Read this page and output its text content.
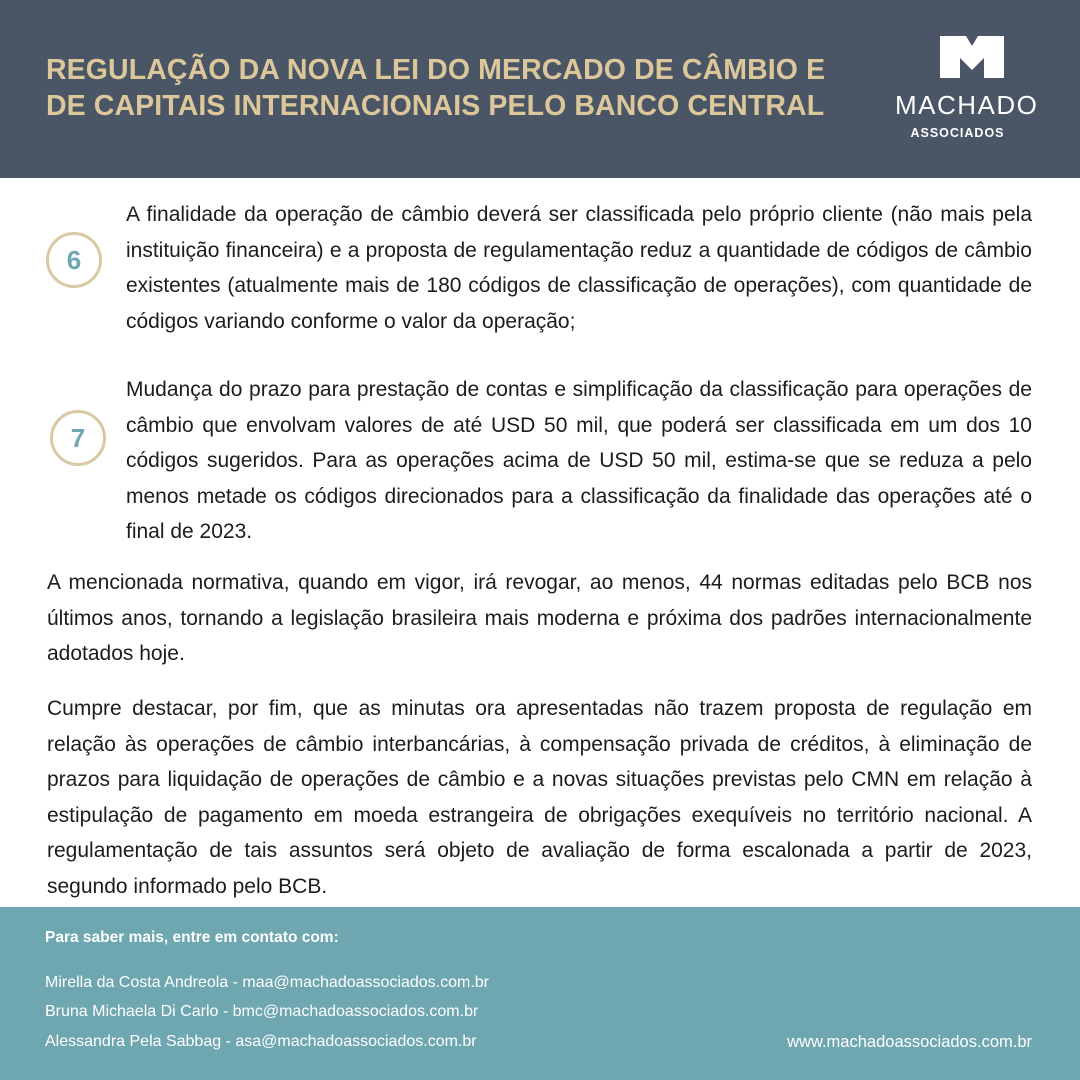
REGULAÇÃO DA NOVA LEI DO MERCADO DE CÂMBIO E
DE CAPITAIS INTERNACIONAIS PELO BANCO CENTRAL	MACHADO
ASSOCIADOS
6
A finalidade da operação de câmbio deverá ser classificada pelo próprio cliente (não mais pela instituição financeira) e a proposta de regulamentação reduz a quantidade de códigos de câmbio existentes (atualmente mais de 180 códigos de classificação de operações), com quantidade de códigos variando conforme o valor da operação;
7
Mudança do prazo para prestação de contas e simplificação da classificação para operações de câmbio que envolvam valores de até USD 50 mil, que poderá ser classificada em um dos 10 códigos sugeridos. Para as operações acima de USD 50 mil, estima-se que se reduza a pelo menos metade os códigos direcionados para a classificação da finalidade das operações até o final de 2023.
A mencionada normativa, quando em vigor, irá revogar, ao menos, 44 normas editadas pelo BCB nos últimos anos, tornando a legislação brasileira mais moderna e próxima dos padrões internacionalmente adotados hoje.
Cumpre destacar, por fim, que as minutas ora apresentadas não trazem proposta de regulação em relação às operações de câmbio interbancárias, à compensação privada de créditos, à eliminação de prazos para liquidação de operações de câmbio e a novas situações previstas pelo CMN em relação à estipulação de pagamento em moeda estrangeira de obrigações exequíveis no território nacional. A regulamentação de tais assuntos será objeto de avaliação de forma escalonada a partir de 2023, segundo informado pelo BCB.
Para saber mais, entre em contato com:
Mirella da Costa Andreola - maa@machadoassociados.com.br
Bruna Michaela Di Carlo - bmc@machadoassociados.com.br
Alessandra Pela Sabbag - asa@machadoassociados.com.br	www.machadoassociados.com.br
